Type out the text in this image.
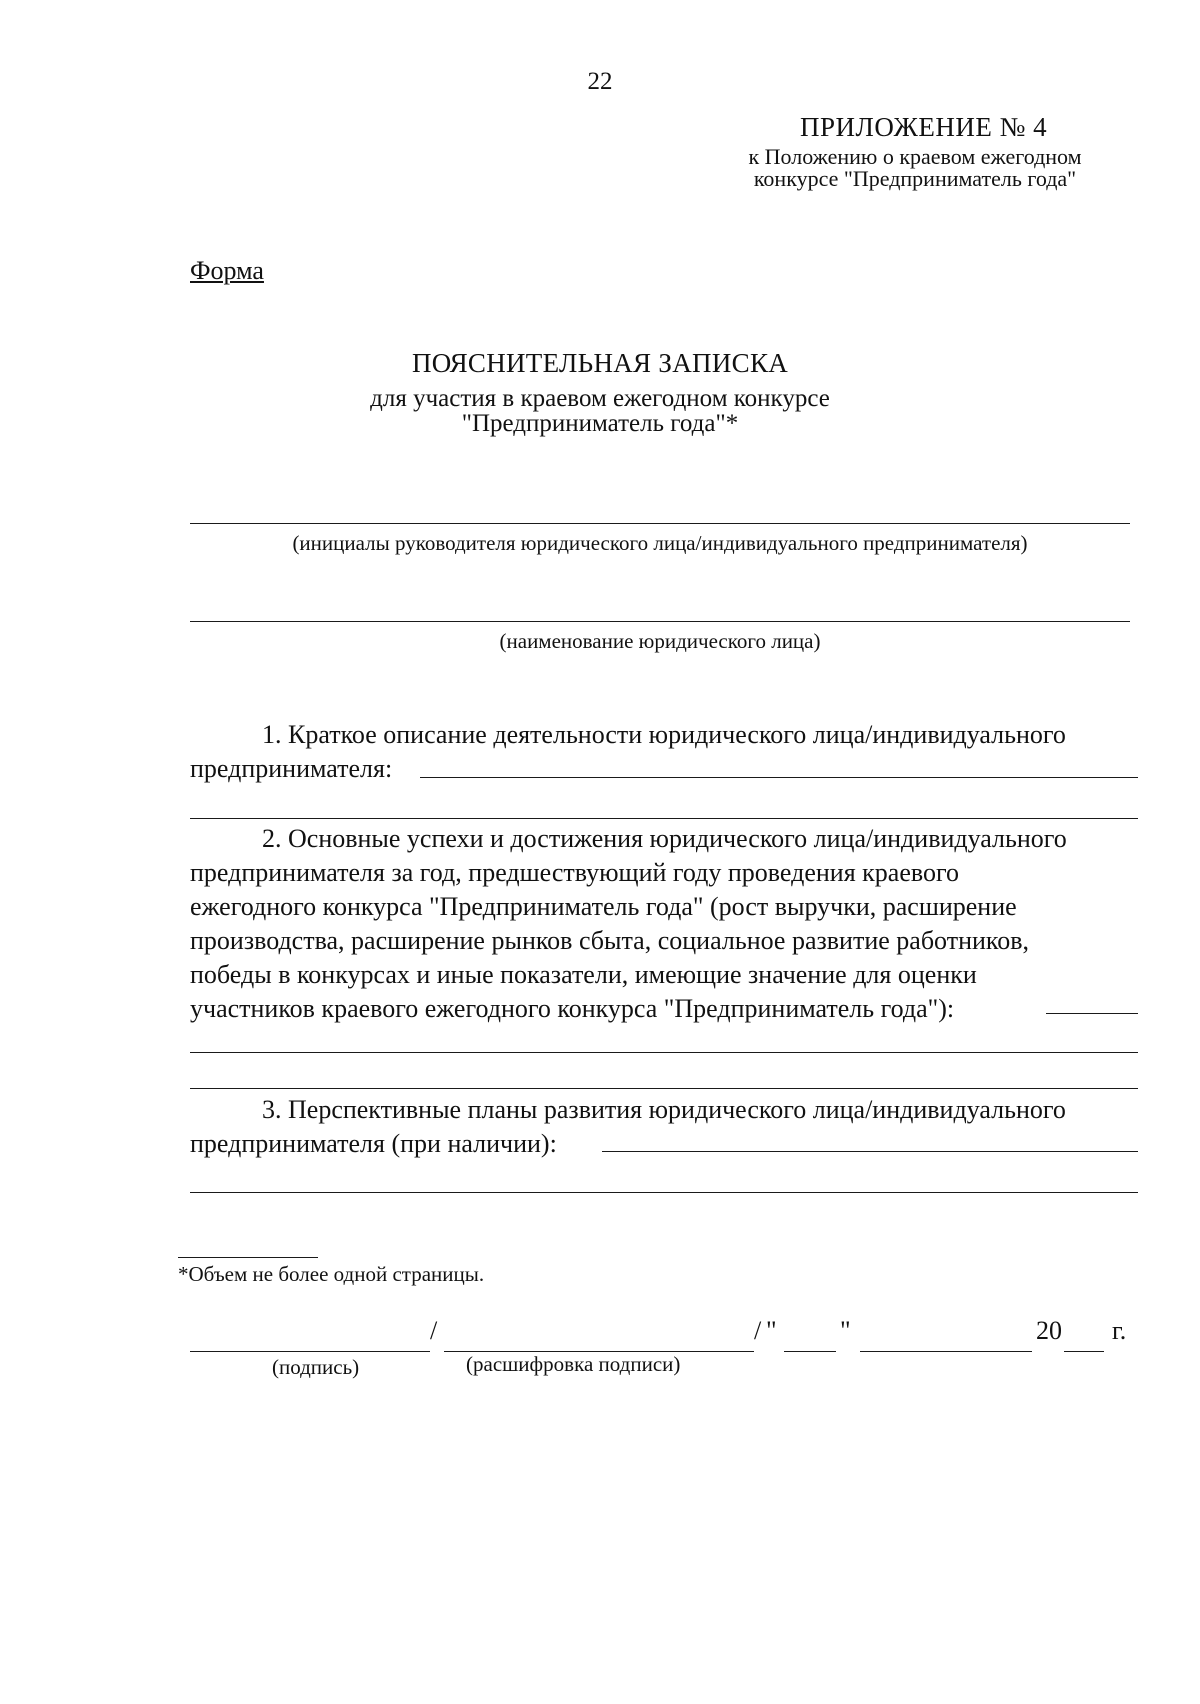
22
ПРИЛОЖЕНИЕ № 4
к Положению о краевом ежегодном
конкурсе "Предприниматель года"
Форма
ПОЯСНИТЕЛЬНАЯ ЗАПИСКА
для участия в краевом ежегодном конкурсе
"Предприниматель года"*
(инициалы руководителя юридического лица/индивидуального предпринимателя)
(наименование юридического лица)
1. Краткое описание деятельности юридического лица/индивидуального
предпринимателя:
2. Основные успехи и достижения юридического лица/индивидуального
предпринимателя за год, предшествующий году проведения краевого
ежегодного конкурса "Предприниматель года" (рост выручки, расширение
производства, расширение рынков сбыта, социальное развитие работников,
победы в конкурсах и иные показатели, имеющие значение для оценки
участников краевого ежегодного конкурса "Предприниматель года"):
3. Перспективные планы развития юридического лица/индивидуального
предпринимателя (при наличии):
*Объем не более одной страницы.
/	/ " "	20 г.
(подпись)	(расшифровка подписи)
